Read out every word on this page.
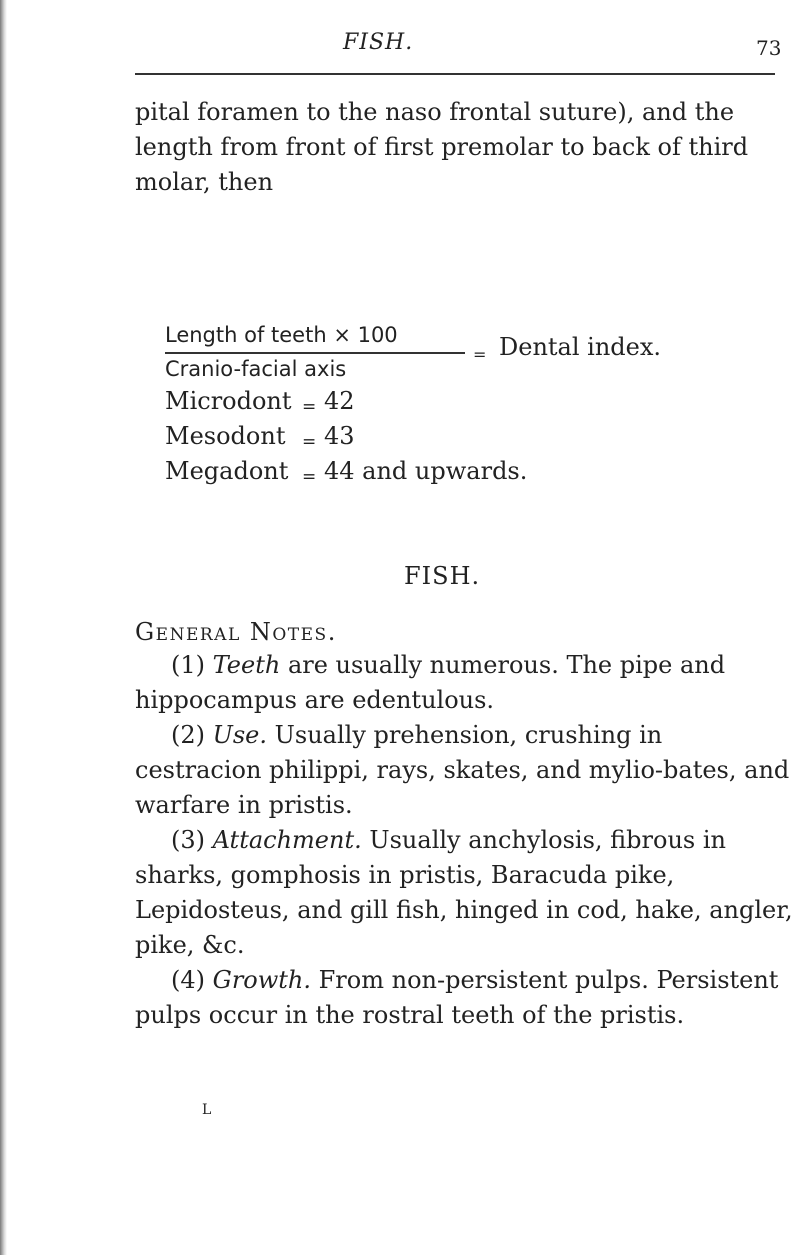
FISH.	73
pital foramen to the naso frontal suture), and the length from front of first premolar to back of third molar, then
Length of teeth × 100
= Dental index.
Cranio-facial axis
Microdont = 42
Mesodont = 43
Megadont = 44 and upwards.
FISH.
General Notes.

(1) Teeth are usually numerous. The pipe and hippocampus are edentulous.

(2) Use. Usually prehension, crushing in cestracion philippi, rays, skates, and mylio-bates, and warfare in pristis.

(3) Attachment. Usually anchylosis, fibrous in sharks, gomphosis in pristis, Baracuda pike, Lepidosteus, and gill fish, hinged in cod, hake, angler, pike, &c.

(4) Growth. From non-persistent pulps. Persistent pulps occur in the rostral teeth of the pristis.

L
